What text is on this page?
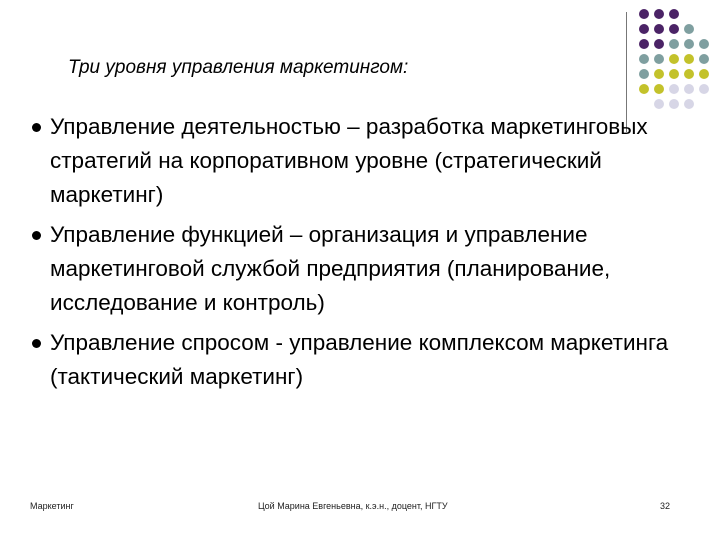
Три уровня управления маркетингом:
Управление деятельностью – разработка маркетинговых стратегий на корпоративном уровне (стратегический маркетинг)
Управление функцией – организация и управление маркетинговой службой предприятия (планирование, исследование и контроль)
Управление спросом - управление комплексом маркетинга (тактический маркетинг)
Маркетинг	Цой Марина Евгеньевна, к.э.н., доцент, НГТУ	32
